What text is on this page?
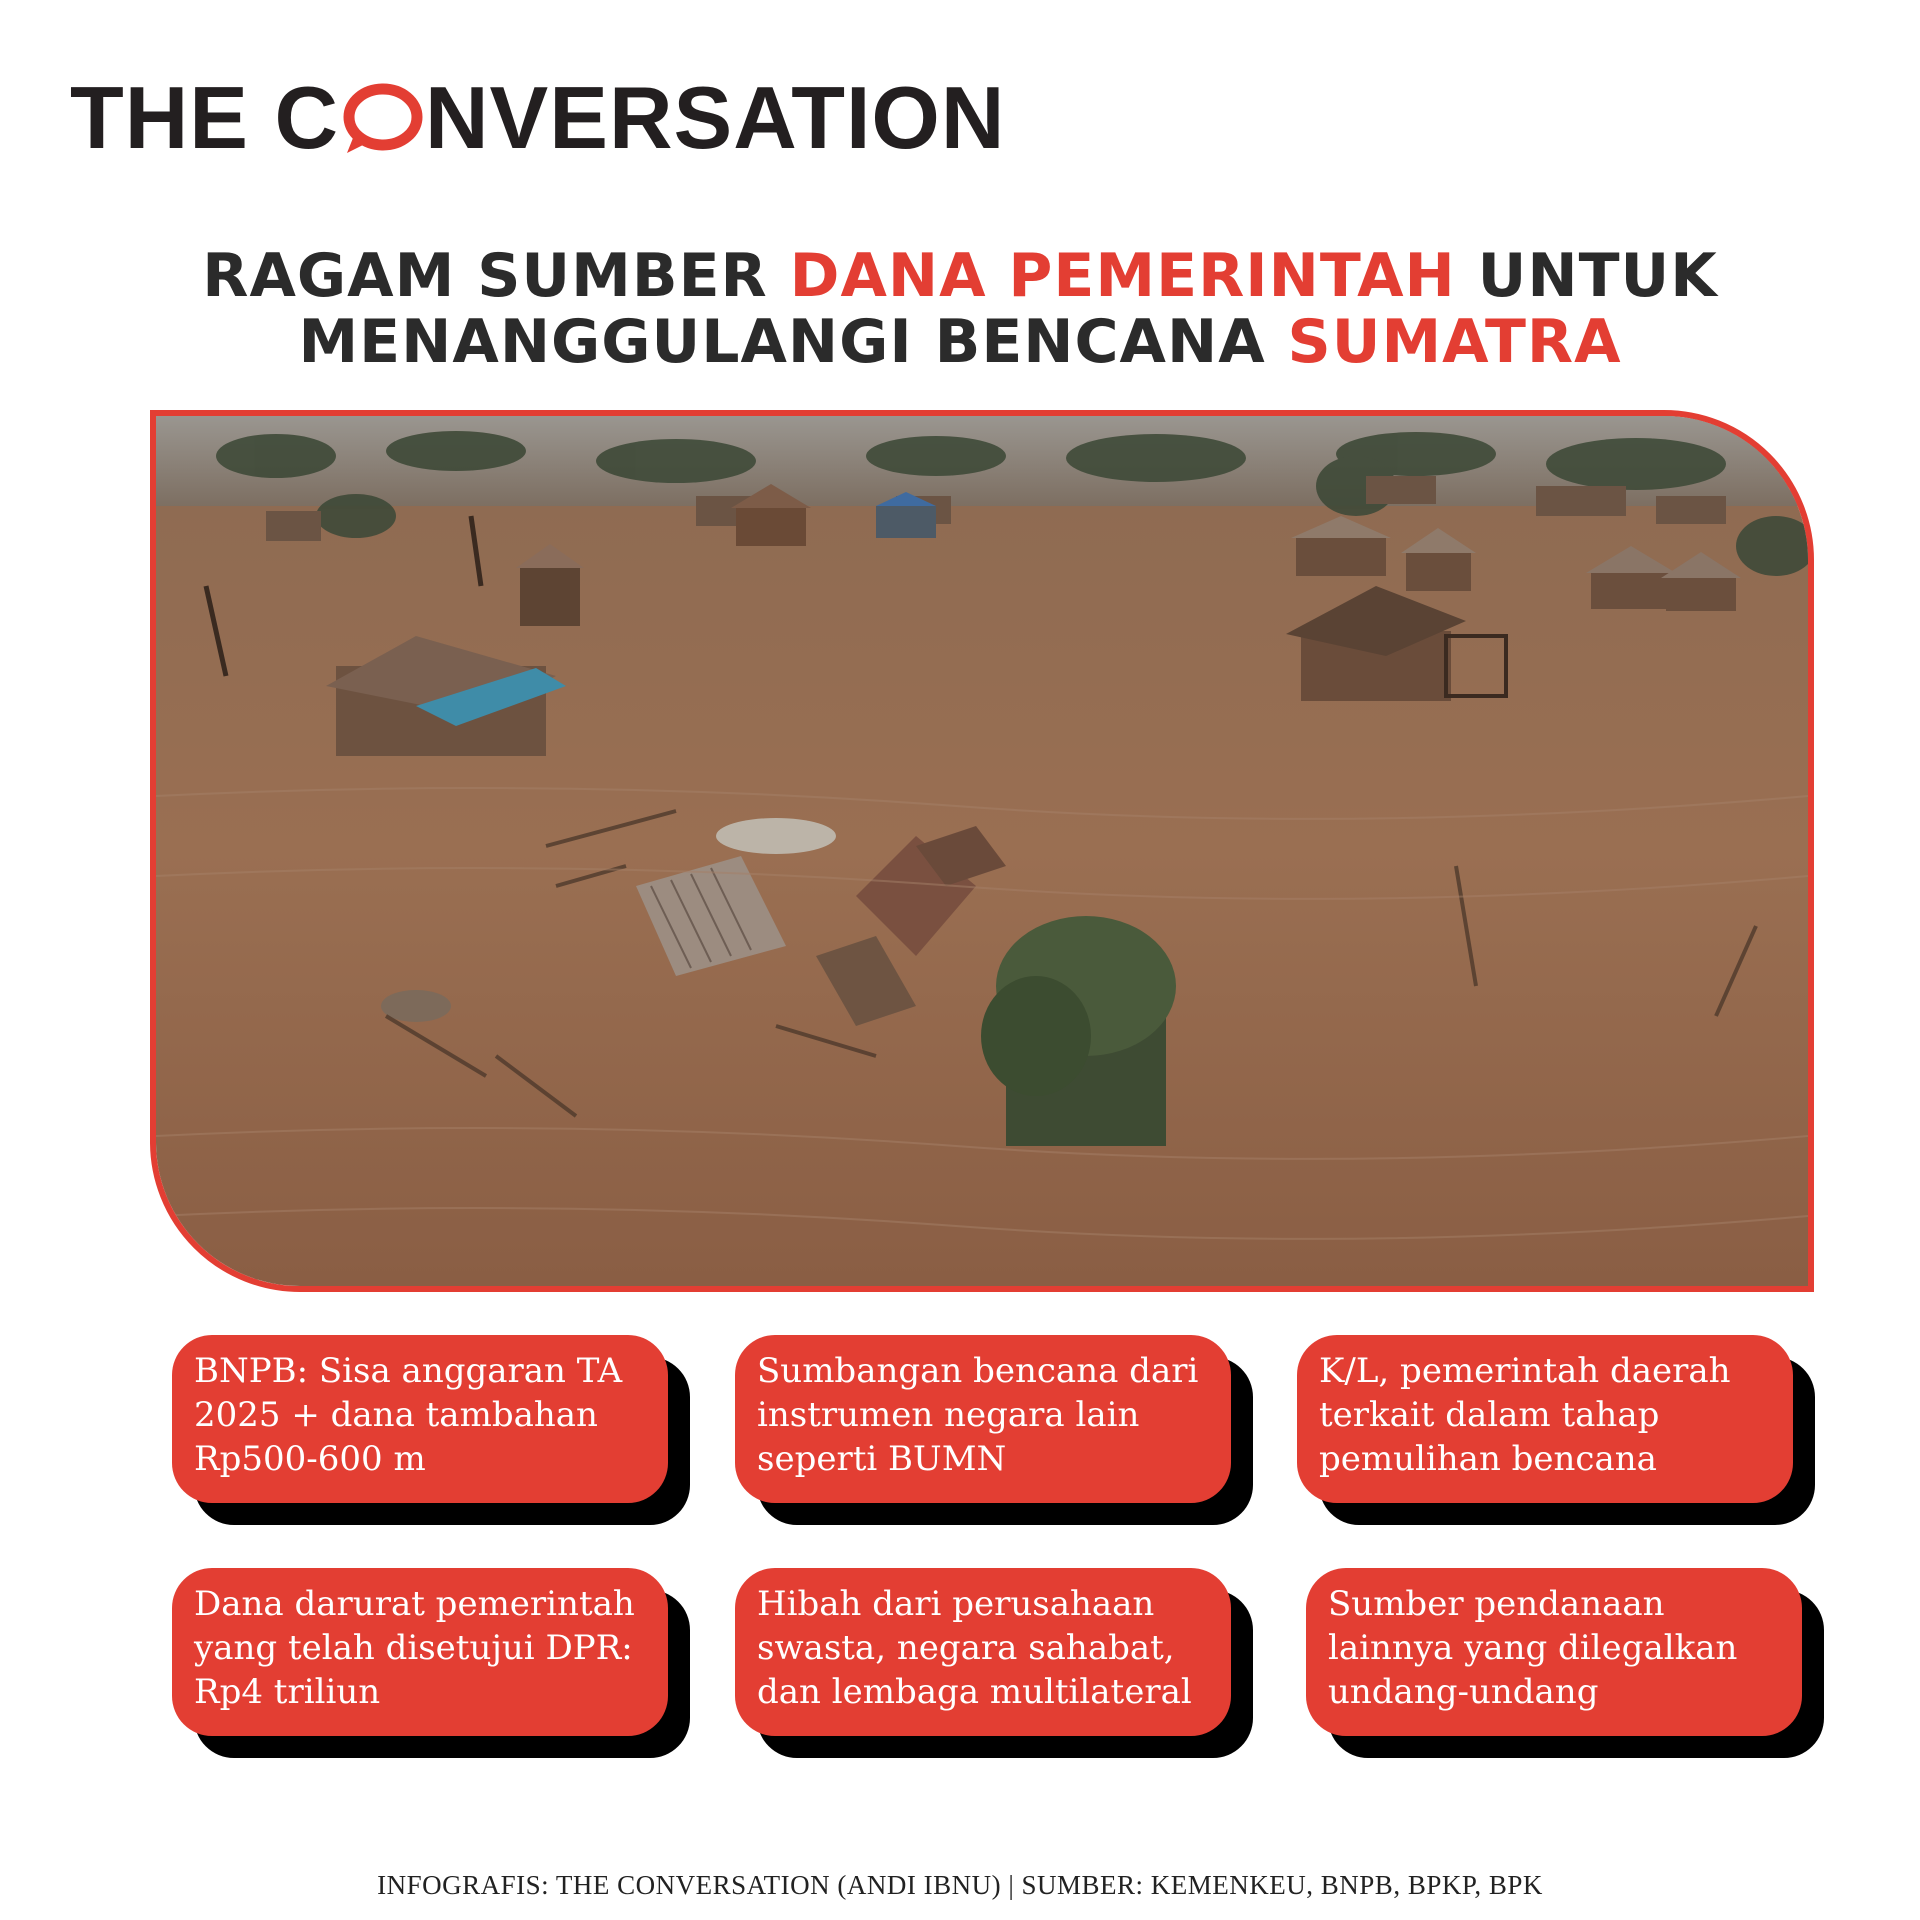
THE C NVERSATION
RAGAM SUMBER DANA PEMERINTAH UNTUK
MENANGGULANGI BENCANA SUMATRA
BNPB: Sisa anggaran TA 2025 + dana tambahan Rp500-600 m
Sumbangan bencana dari instrumen negara lain seperti BUMN
K/L, pemerintah daerah terkait dalam tahap pemulihan bencana
Dana darurat pemerintah yang telah disetujui DPR: Rp4 triliun
Hibah dari perusahaan swasta, negara sahabat, dan lembaga multilateral
Sumber pendanaan lainnya yang dilegalkan undang-undang
INFOGRAFIS: THE CONVERSATION (ANDI IBNU) | SUMBER: KEMENKEU, BNPB, BPKP, BPK
